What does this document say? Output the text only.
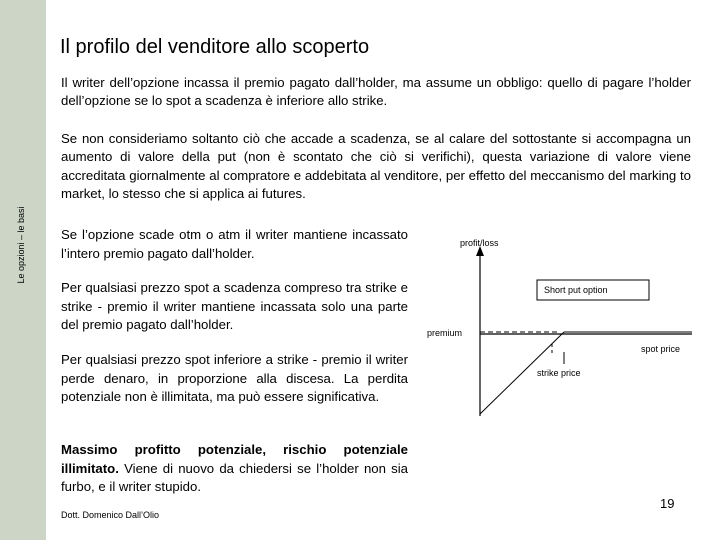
Le opzioni – le basi
Il profilo del venditore allo scoperto

Il writer dell’opzione incassa il premio pagato dall’holder, ma assume un obbligo: quello di pagare l’holder dell’opzione se lo spot a scadenza è inferiore allo strike.

Se non consideriamo soltanto ciò che accade a scadenza, se al calare del sottostante si accompagna un aumento di valore della put (non è scontato che ciò si verifichi), questa variazione di valore viene accreditata giornalmente al compratore e addebitata al venditore, per effetto del meccanismo del marking to market, lo stesso che si applica ai futures.

Se l’opzione scade otm o atm il writer mantiene incassato l’intero premio pagato dall’holder.

Per qualsiasi prezzo spot a scadenza compreso tra strike e strike - premio il writer mantiene incassata solo una parte del premio pagato dall’holder.

Per qualsiasi prezzo spot inferiore a strike - premio il writer perde denaro, in proporzione alla discesa. La perdita potenziale non è illimitata, ma può essere significativa.

Massimo profitto potenziale, rischio potenziale illimitato. Viene di nuovo da chiedersi se l’holder non sia furbo, e il writer stupido.

profit/loss
spot price
premium
strike price
Short put option
Dott. Domenico Dall’Olio
19
